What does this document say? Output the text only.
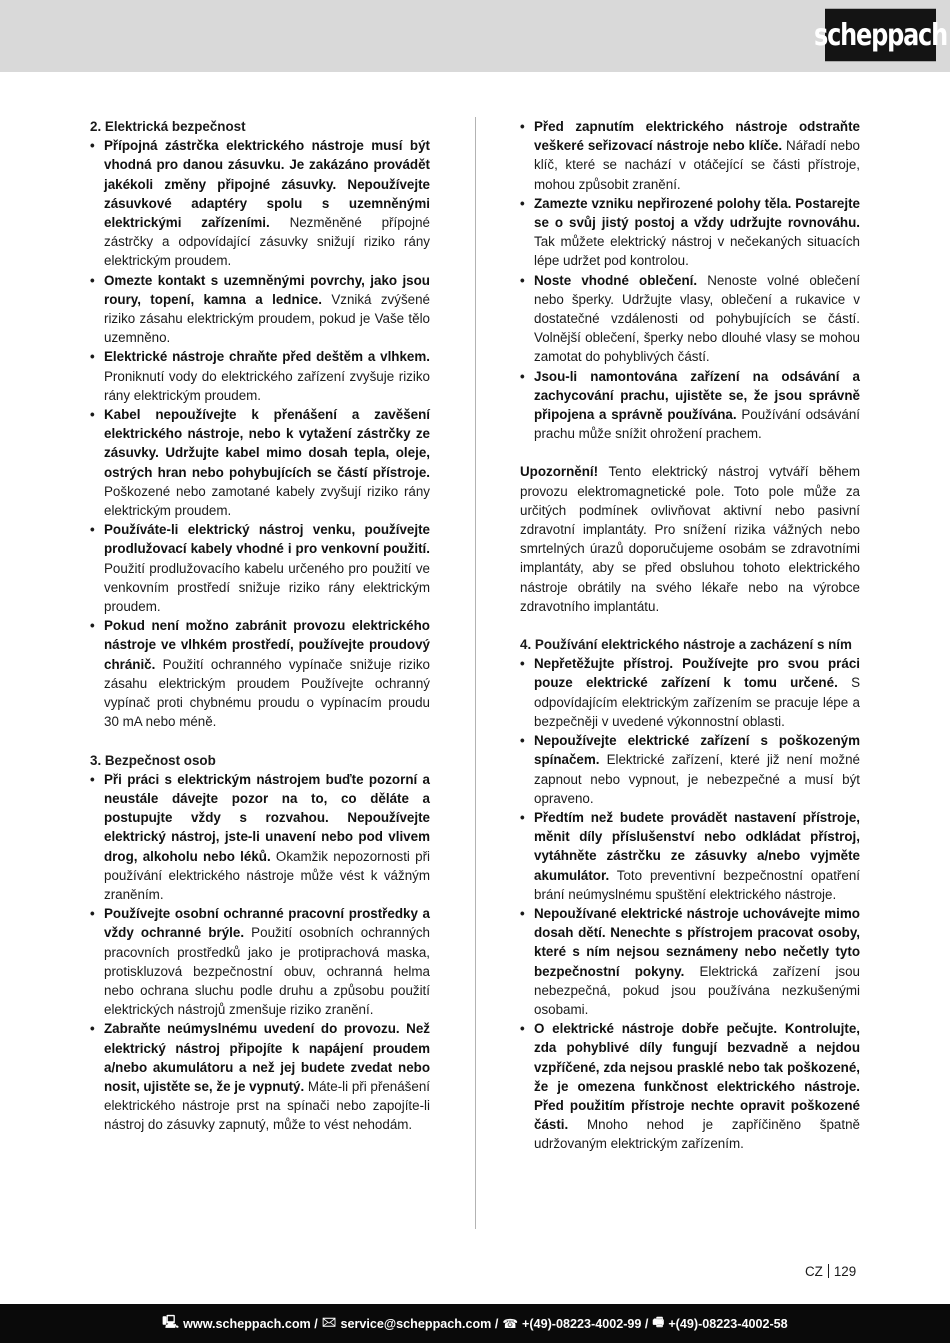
scheppach
2. Elektrická bezpečnost
• Přípojná zástrčka elektrického nástroje musí být vhodná pro danou zásuvku. Je zakázáno provádět jakékoli změny připojné zásuvky. Nepoužívejte zásuvkové adaptéry spolu s uzemněnými elektrickými zařízeními. Nezměněné přípojné zástrčky a odpovídající zásuvky snižují riziko rány elektrickým proudem.
• Omezte kontakt s uzemněnými povrchy, jako jsou roury, topení, kamna a lednice. Vzniká zvýšené riziko zásahu elektrickým proudem, pokud je Vaše tělo uzemněno.
• Elektrické nástroje chraňte před deštěm a vlhkem. Proniknutí vody do elektrického zařízení zvyšuje riziko rány elektrickým proudem.
• Kabel nepoužívejte k přenášení a zavěšení elektrického nástroje, nebo k vytažení zástrčky ze zásuvky. Udržujte kabel mimo dosah tepla, oleje, ostrých hran nebo pohybujících se částí přístroje. Poškozené nebo zamotané kabely zvyšují riziko rány elektrickým proudem.
• Používáte-li elektrický nástroj venku, používejte prodlužovací kabely vhodné i pro venkovní použití. Použití prodlužovacího kabelu určeného pro použití ve venkovním prostředí snižuje riziko rány elektrickým proudem.
• Pokud není možno zabránit provozu elektrického nástroje ve vlhkém prostředí, používejte proudový chránič. Použití ochranného vypínače snižuje riziko zásahu elektrickým proudem Používejte ochranný vypínač proti chybnému proudu o vypínacím proudu 30 mA nebo méně.
3. Bezpečnost osob
• Při práci s elektrickým nástrojem buďte pozorní a neustále dávejte pozor na to, co děláte a postupujte vždy s rozvahou. Nepoužívejte elektrický nástroj, jste-li unavení nebo pod vlivem drog, alkoholu nebo léků. Okamžik nepozornosti při používání elektrického nástroje může vést k vážným zraněním.
• Používejte osobní ochranné pracovní prostředky a vždy ochranné brýle. Použití osobních ochranných pracovních prostředků jako je protiprachová maska, protiskluzová bezpečnostní obuv, ochranná helma nebo ochrana sluchu podle druhu a způsobu použití elektrických nástrojů zmenšuje riziko zranění.
• Zabraňte neúmyslnému uvedení do provozu. Než elektrický nástroj připojíte k napájení proudem a/nebo akumulátoru a než jej budete zvedat nebo nosit, ujistěte se, že je vypnutý. Máte-li při přenášení elektrického nástroje prst na spínači nebo zapojíte-li nástroj do zásuvky zapnutý, může to vést nehodám.
• Před zapnutím elektrického nástroje odstraňte veškeré seřizovací nástroje nebo klíče. Nářadí nebo klíč, které se nachází v otáčející se části přístroje, mohou způsobit zranění.
• Zamezte vzniku nepřirozené polohy těla. Postarejte se o svůj jistý postoj a vždy udržujte rovnováhu. Tak můžete elektrický nástroj v nečekaných situacích lépe udržet pod kontrolou.
• Noste vhodné oblečení. Nenoste volné oblečení nebo šperky. Udržujte vlasy, oblečení a rukavice v dostatečné vzdálenosti od pohybujících se částí. Volnější oblečení, šperky nebo dlouhé vlasy se mohou zamotat do pohyblivých částí.
• Jsou-li namontována zařízení na odsávání a zachycování prachu, ujistěte se, že jsou správně připojena a správně používána. Používání odsávání prachu může snížit ohrožení prachem.

Upozornění! Tento elektrický nástroj vytváří během provozu elektromagnetické pole. Toto pole může za určitých podmínek ovlivňovat aktivní nebo pasivní zdravotní implantáty. Pro snížení rizika vážných nebo smrtelných úrazů doporučujeme osobám se zdravotními implantáty, aby se před obsluhou tohoto elektrického nástroje obrátily na svého lékaře nebo na výrobce zdravotního implantátu.

4. Používání elektrického nástroje a zacházení s ním
• Nepřetěžujte přístroj. Používejte pro svou práci pouze elektrické zařízení k tomu určené. S odpovídajícím elektrickým zařízením se pracuje lépe a bezpečněji v uvedené výkonnostní oblasti.
• Nepoužívejte elektrické zařízení s poškozeným spínačem. Elektrické zařízení, které již není možné zapnout nebo vypnout, je nebezpečné a musí být opraveno.
• Předtím než budete provádět nastavení přístroje, měnit díly příslušenství nebo odkládat přístroj, vytáhněte zástrčku ze zásuvky a/nebo vyjměte akumulátor. Toto preventivní bezpečnostní opatření brání neúmyslnému spuštění elektrického nástroje.
• Nepoužívané elektrické nástroje uchovávejte mimo dosah dětí. Nenechte s přístrojem pracovat osoby, které s ním nejsou seznámeny nebo nečetly tyto bezpečnostní pokyny. Elektrická zařízení jsou nebezpečná, pokud jsou používána nezkušenými osobami.
• O elektrické nástroje dobře pečujte. Kontrolujte, zda pohyblivé díly fungují bezvadně a nejdou vzpříčené, zda nejsou prasklé nebo tak poškozené, že je omezena funkčnost elektrického nástroje. Před použitím přístroje nechte opravit poškozené části. Mnoho nehod je zapříčiněno špatně udržovaným elektrickým zařízením.
CZ 129
🖳 www.scheppach.com / 🖂 service@scheppach.com / ☎ +(49)-08223-4002-99 / 🖷 +(49)-08223-4002-58
